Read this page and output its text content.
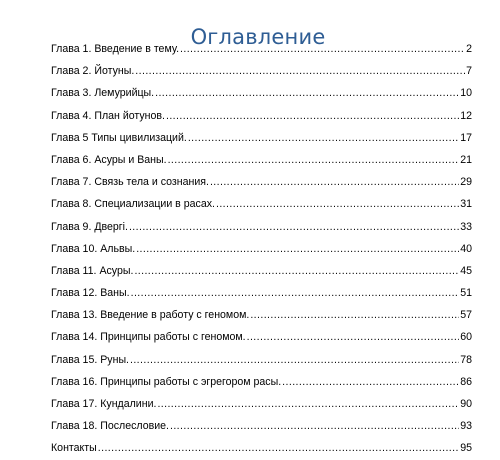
Оглавление
Глава 1. Введение в тему. .....	2
Глава 2. Йотуны. .....	7
Глава 3. Лемурийцы. .....	10
Глава 4. План йотунов. .....	12
Глава 5 Типы цивилизаций. .....	17
Глава 6. Асуры и Ваны. .....	21
Глава 7. Связь тела и сознания. .....	29
Глава 8. Специализации в расах. .....	31
Глава 9. Двергi. .....	33
Глава 10. Альвы. .....	40
Глава 11. Асуры. .....	45
Глава 12. Ваны. .....	51
Глава 13. Введение в работу с геномом. .....	57
Глава 14. Принципы работы с геномом. .....	60
Глава 15. Руны. .....	78
Глава 16. Принципы работы с эгрегором расы. .....	86
Глава 17. Кундалини. .....	90
Глава 18. Послесловие. .....	93
Контакты .....	95
